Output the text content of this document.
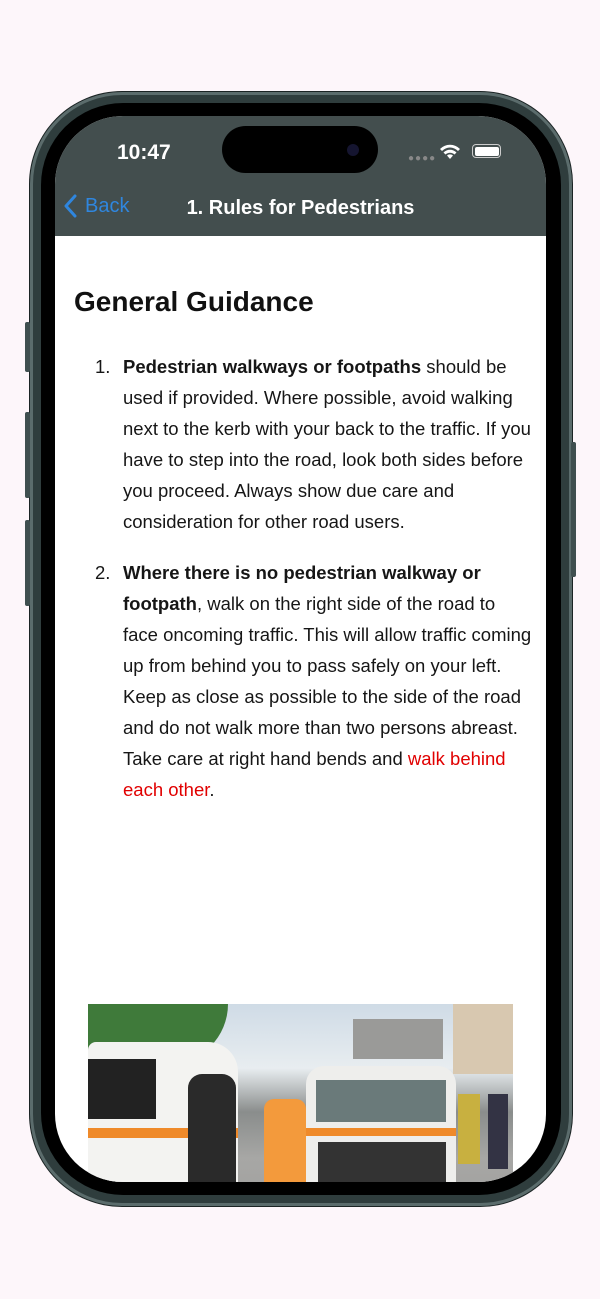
10:47	●●●●
Back	1. Rules for Pedestrians
General Guidance
1. Pedestrian walkways or footpaths should be used if provided. Where possible, avoid walking next to the kerb with your back to the traffic. If you have to step into the road, look both sides before you proceed. Always show due care and consideration for other road users.
2. Where there is no pedestrian walkway or footpath, walk on the right side of the road to face oncoming traffic. This will allow traffic coming up from behind you to pass safely on your left. Keep as close as possible to the side of the road and do not walk more than two persons abreast. Take care at right hand bends and walk behind each other.
